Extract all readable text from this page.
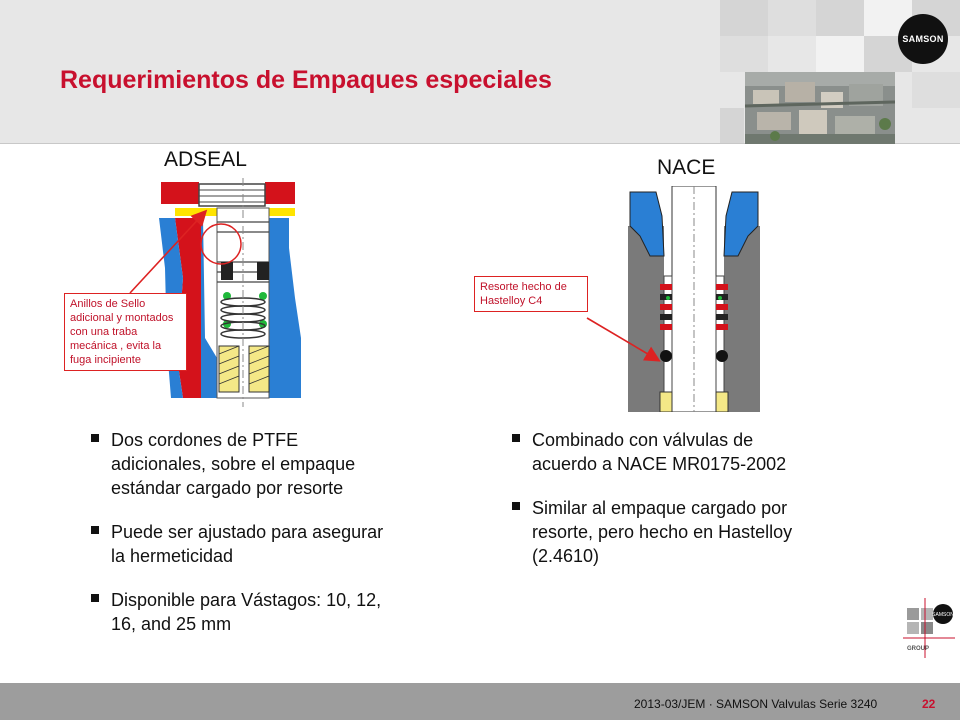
Requerimientos de Empaques especiales
SAMSON
ADSEAL	NACE
Anillos de Sello adicional y montados con una traba mecánica , evita la fuga incipiente
Resorte hecho de Hastelloy C4
Dos cordones de PTFE adicionales, sobre el empaque estándar cargado por resorte
Puede ser ajustado para asegurar la hermeticidad
Disponible para Vástagos: 10, 12, 16, and 25 mm
Combinado con válvulas de acuerdo a NACE MR0175-2002
Similar al empaque cargado por resorte, pero hecho en Hastelloy (2.4610)
SAMSON
GROUP
2013-03/JEM · SAMSON Valvulas Serie 3240	22
